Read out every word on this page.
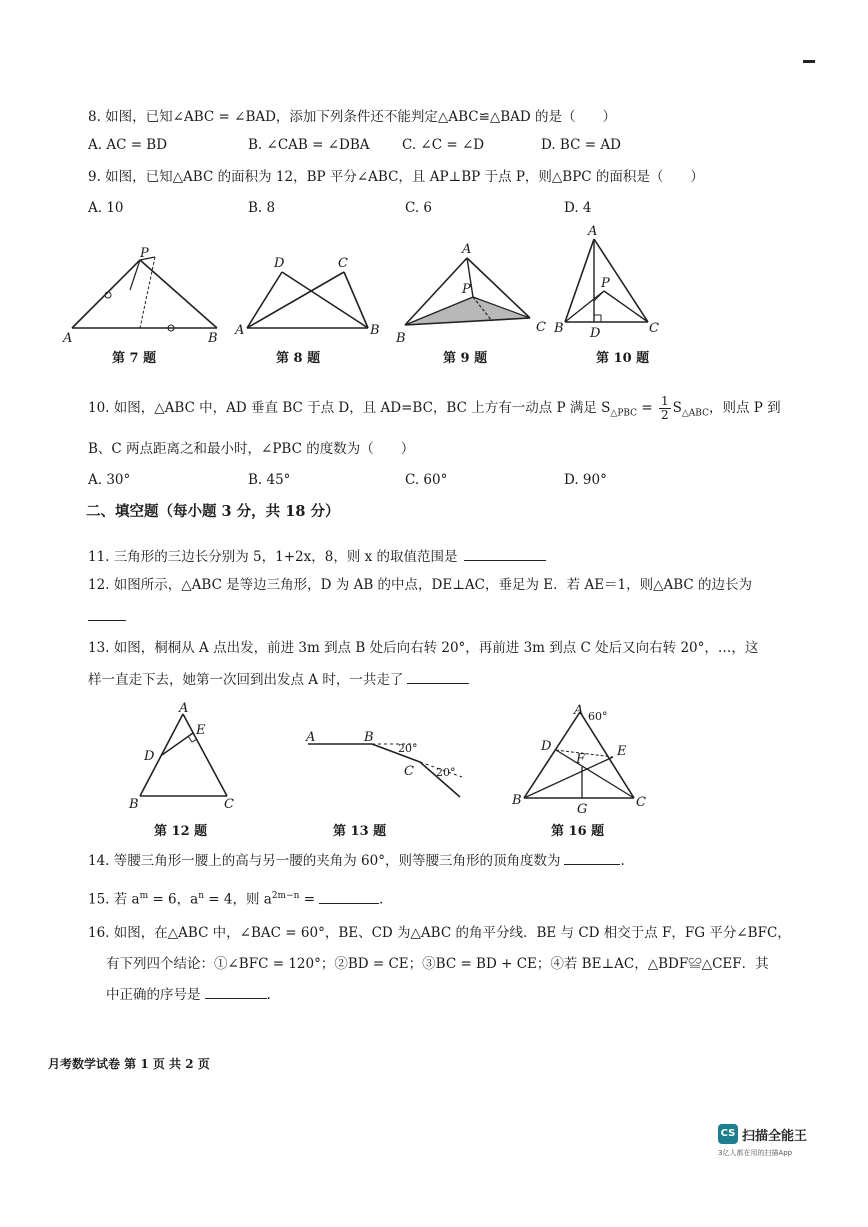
8. 如图，已知∠ABC = ∠BAD，添加下列条件还不能判定△ABC≌△BAD 的是（　　）
A. AC = BD	B. ∠CAB = ∠DBA C. ∠C = ∠D	D. BC = AD
9. 如图，已知△ABC 的面积为 12，BP 平分∠ABC，且 AP⊥BP 于点 P，则△BPC 的面积是（　　）
A. 10	B. 8	C. 6	D. 4
P
A	B
D	C
A	B
A
P
B
C
A
P
B D	C
第 7 题	第 8 题	第 9 题	第 10 题
10. 如图，△ABC 中，AD 垂直 BC 于点 D，且 AD=BC，BC 上方有一动点 P 满足 $S_{\triangle PBC} = \frac{1}{2} S_{\triangle ABC}$，则点 P 到
B、C 两点距离之和最小时，∠PBC 的度数为（　　）
A. 30°	B. 45°	C. 60°	D. 90°
二、填空题（每小题 3 分，共 18 分）
11. 三角形的三边长分别为 5，1+2x，8，则 x 的取值范围是
12. 如图所示，△ABC 是等边三角形，D 为 AB 的中点，DE⊥AC，垂足为 E．若 AE＝1，则△ABC 的边长为
13. 如图，桐桐从 A 点出发，前进 3m 到点 B 处后向右转 20°，再前进 3m 到点 C 处后又向右转 20°，…，这
样一直走下去，她第一次回到出发点 A 时，一共走了
A
E
D
B	C
A	B
C
20°
20°
A 60°
D	E
F
B
G	C
第 12 题	第 13 题	第 16 题
14. 等腰三角形一腰上的高与另一腰的夹角为 60°，则等腰三角形的顶角度数为	.
15. 若 $a^m = 6$，$a^n = 4$，则 $a^{2m-n}$ =	.
16. 如图，在△ABC 中，∠BAC = 60°，BE、CD 为△ABC 的角平分线．BE 与 CD 相交于点 F，FG 平分∠BFC，
有下列四个结论：①∠BFC = 120°；②BD = CE；③BC = BD + CE；④若 BE⊥AC，△BDF≌△CEF．其
中正确的序号是	.
月考数学试卷 第 1 页 共 2 页
CS 扫描全能王
3亿人都在用的扫描App
